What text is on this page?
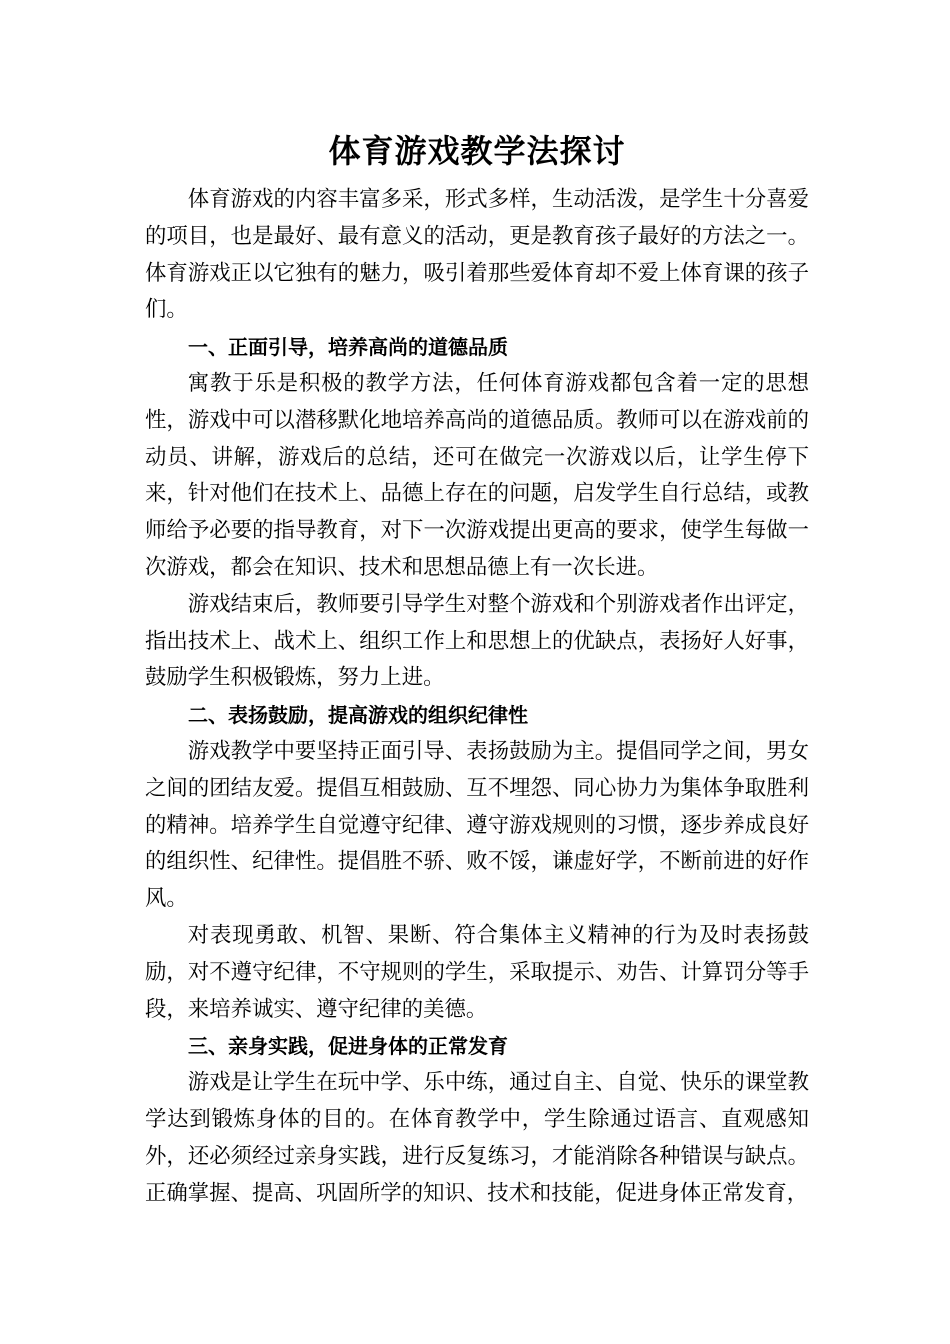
体育游戏教学法探讨

体育游戏的内容丰富多采，形式多样，生动活泼，是学生十分喜爱的项目，也是最好、最有意义的活动，更是教育孩子最好的方法之一。体育游戏正以它独有的魅力，吸引着那些爱体育却不爱上体育课的孩子们。

一、正面引导，培养高尚的道德品质

寓教于乐是积极的教学方法，任何体育游戏都包含着一定的思想性，游戏中可以潜移默化地培养高尚的道德品质。教师可以在游戏前的动员、讲解，游戏后的总结，还可在做完一次游戏以后，让学生停下来，针对他们在技术上、品德上存在的问题，启发学生自行总结，或教师给予必要的指导教育，对下一次游戏提出更高的要求，使学生每做一次游戏，都会在知识、技术和思想品德上有一次长进。

游戏结束后，教师要引导学生对整个游戏和个别游戏者作出评定，指出技术上、战术上、组织工作上和思想上的优缺点，表扬好人好事，鼓励学生积极锻炼，努力上进。

二、表扬鼓励，提高游戏的组织纪律性

游戏教学中要坚持正面引导、表扬鼓励为主。提倡同学之间，男女之间的团结友爱。提倡互相鼓励、互不埋怨、同心协力为集体争取胜利的精神。培养学生自觉遵守纪律、遵守游戏规则的习惯，逐步养成良好的组织性、纪律性。提倡胜不骄、败不馁，谦虚好学，不断前进的好作风。

对表现勇敢、机智、果断、符合集体主义精神的行为及时表扬鼓励，对不遵守纪律，不守规则的学生，采取提示、劝告、计算罚分等手段，来培养诚实、遵守纪律的美德。

三、亲身实践，促进身体的正常发育

游戏是让学生在玩中学、乐中练，通过自主、自觉、快乐的课堂教学达到锻炼身体的目的。在体育教学中，学生除通过语言、直观感知外，还必须经过亲身实践，进行反复练习，才能消除各种错误与缺点。正确掌握、提高、巩固所学的知识、技术和技能，促进身体正常发育，
